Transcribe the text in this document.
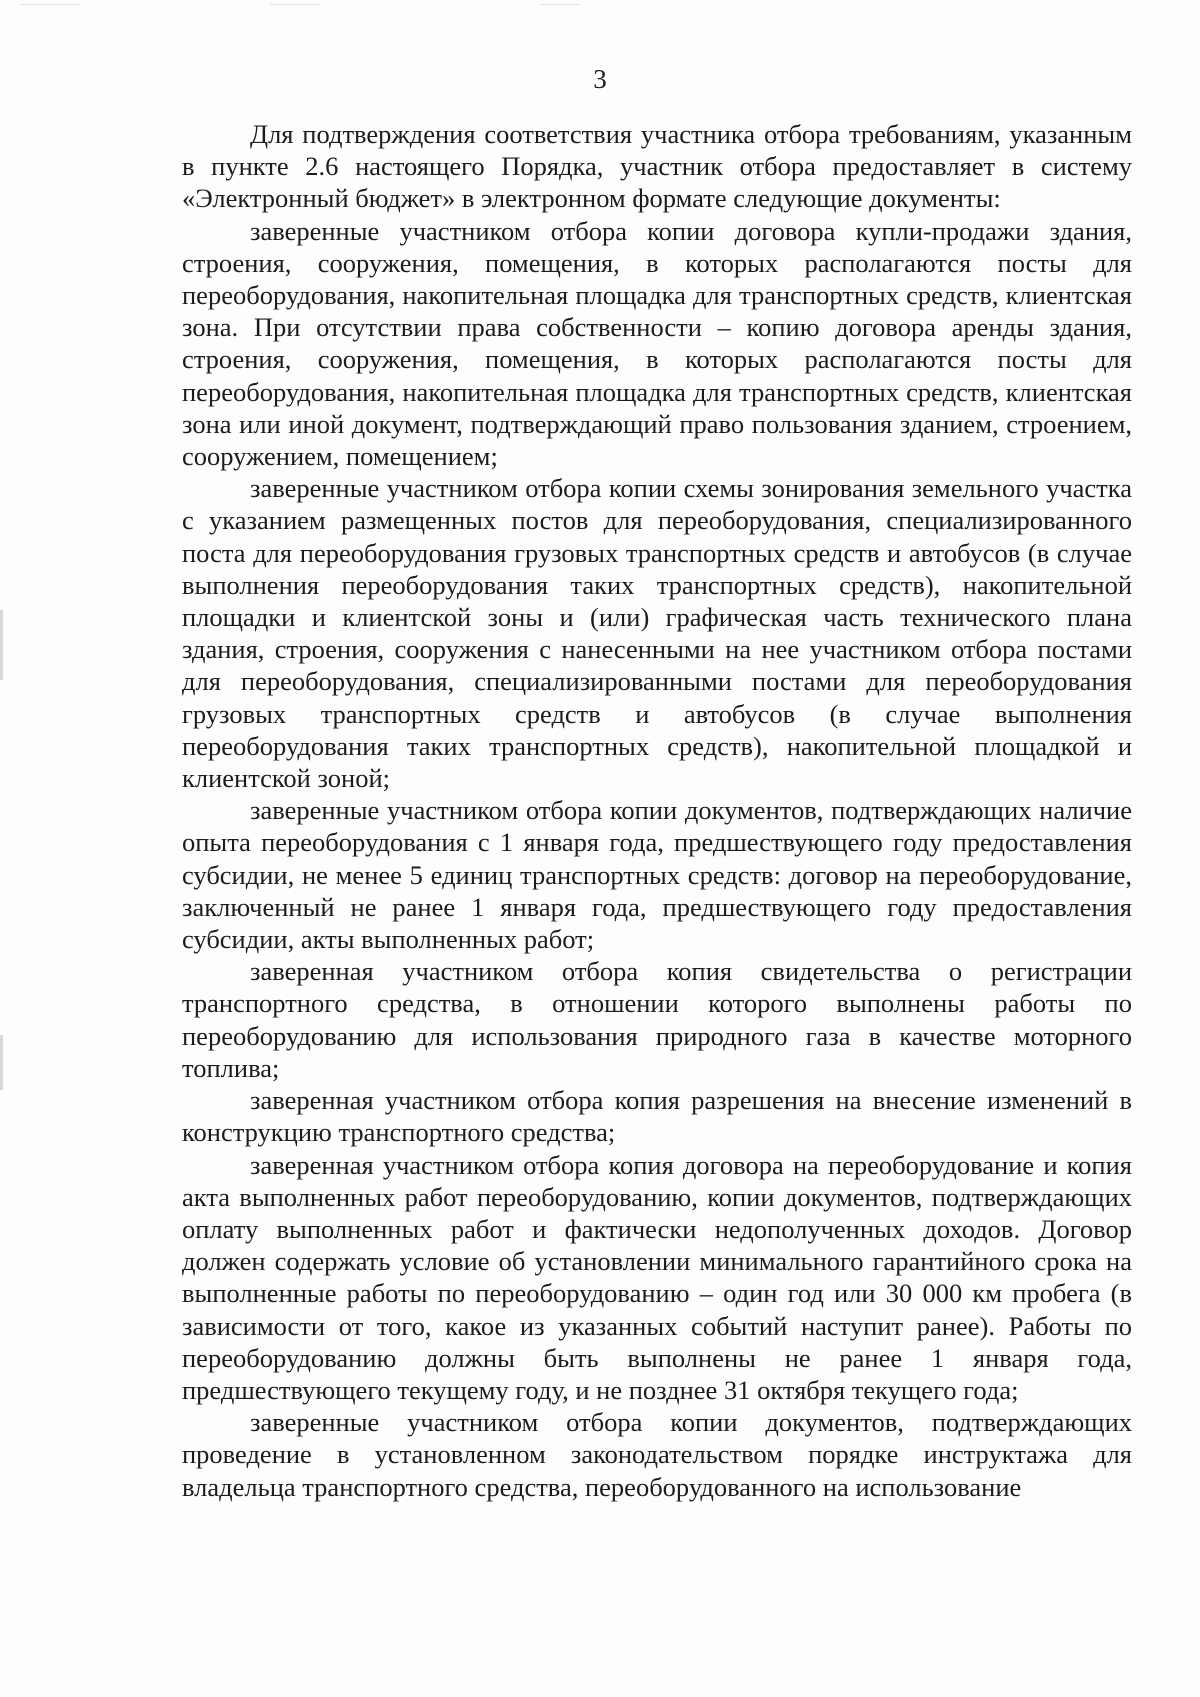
3

Для подтверждения соответствия участника отбора требованиям, указанным в пункте 2.6 настоящего Порядка, участник отбора предоставляет в систему «Электронный бюджет» в электронном формате следующие документы:

заверенные участником отбора копии договора купли-продажи здания, строения, сооружения, помещения, в которых располагаются посты для переоборудования, накопительная площадка для транспортных средств, клиентская зона. При отсутствии права собственности – копию договора аренды здания, строения, сооружения, помещения, в которых располагаются посты для переоборудования, накопительная площадка для транспортных средств, клиентская зона или иной документ, подтверждающий право пользования зданием, строением, сооружением, помещением;

заверенные участником отбора копии схемы зонирования земельного участка с указанием размещенных постов для переоборудования, специализированного поста для переоборудования грузовых транспортных средств и автобусов (в случае выполнения переоборудования таких транспортных средств), накопительной площадки и клиентской зоны и (или) графическая часть технического плана здания, строения, сооружения с нанесенными на нее участником отбора постами для переоборудования, специализированными постами для переоборудования грузовых транспортных средств и автобусов (в случае выполнения переоборудования таких транспортных средств), накопительной площадкой и клиентской зоной;

заверенные участником отбора копии документов, подтверждающих наличие опыта переоборудования с 1 января года, предшествующего году предоставления субсидии, не менее 5 единиц транспортных средств: договор на переоборудование, заключенный не ранее 1 января года, предшествующего году предоставления субсидии, акты выполненных работ;

заверенная участником отбора копия свидетельства о регистрации транспортного средства, в отношении которого выполнены работы по переоборудованию для использования природного газа в качестве моторного топлива;

заверенная участником отбора копия разрешения на внесение изменений в конструкцию транспортного средства;

заверенная участником отбора копия договора на переоборудование и копия акта выполненных работ переоборудованию, копии документов, подтверждающих оплату выполненных работ и фактически недополученных доходов. Договор должен содержать условие об установлении минимального гарантийного срока на выполненные работы по переоборудованию – один год или 30 000 км пробега (в зависимости от того, какое из указанных событий наступит ранее). Работы по переоборудованию должны быть выполнены не ранее 1 января года, предшествующего текущему году, и не позднее 31 октября текущего года;

заверенные участником отбора копии документов, подтверждающих проведение в установленном законодательством порядке инструктажа для владельца транспортного средства, переоборудованного на использование
